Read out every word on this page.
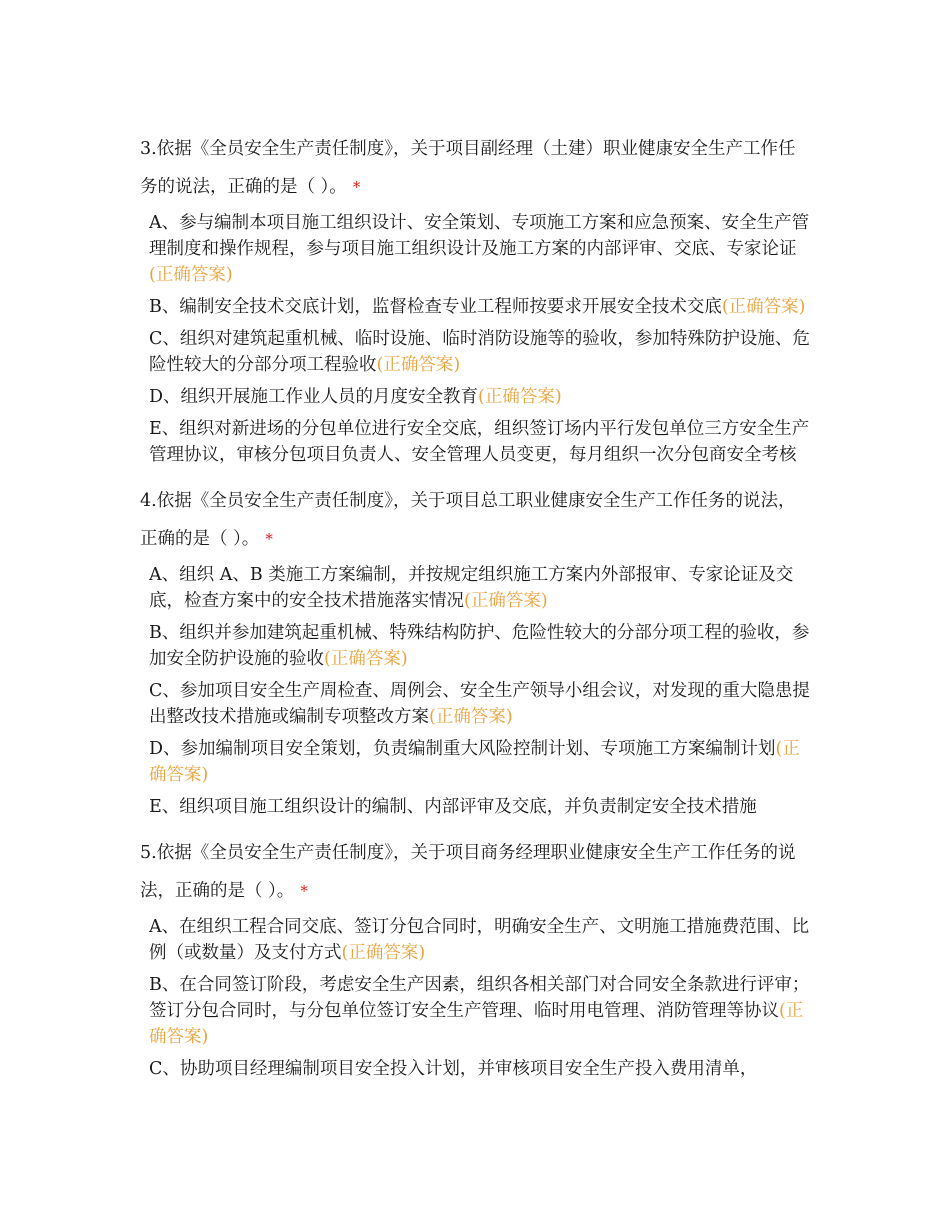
3.依据《全员安全生产责任制度》，关于项目副经理（土建）职业健康安全生产工作任务的说法，正确的是（ ）。 *

A、参与编制本项目施工组织设计、安全策划、专项施工方案和应急预案、安全生产管理制度和操作规程，参与项目施工组织设计及施工方案的内部评审、交底、专家论证(正确答案)

B、编制安全技术交底计划，监督检查专业工程师按要求开展安全技术交底(正确答案)

C、组织对建筑起重机械、临时设施、临时消防设施等的验收，参加特殊防护设施、危险性较大的分部分项工程验收(正确答案)

D、组织开展施工作业人员的月度安全教育(正确答案)

E、组织对新进场的分包单位进行安全交底，组织签订场内平行发包单位三方安全生产管理协议，审核分包项目负责人、安全管理人员变更，每月组织一次分包商安全考核

4.依据《全员安全生产责任制度》，关于项目总工职业健康安全生产工作任务的说法，正确的是（ ）。 *

A、组织 A、B 类施工方案编制，并按规定组织施工方案内外部报审、专家论证及交底，检查方案中的安全技术措施落实情况(正确答案)

B、组织并参加建筑起重机械、特殊结构防护、危险性较大的分部分项工程的验收，参加安全防护设施的验收(正确答案)

C、参加项目安全生产周检查、周例会、安全生产领导小组会议，对发现的重大隐患提出整改技术措施或编制专项整改方案(正确答案)

D、参加编制项目安全策划，负责编制重大风险控制计划、专项施工方案编制计划(正确答案)

E、组织项目施工组织设计的编制、内部评审及交底，并负责制定安全技术措施

5.依据《全员安全生产责任制度》，关于项目商务经理职业健康安全生产工作任务的说法，正确的是（ ）。 *

A、在组织工程合同交底、签订分包合同时，明确安全生产、文明施工措施费范围、比例（或数量）及支付方式(正确答案)

B、在合同签订阶段，考虑安全生产因素，组织各相关部门对合同安全条款进行评审；签订分包合同时，与分包单位签订安全生产管理、临时用电管理、消防管理等协议(正确答案)

C、协助项目经理编制项目安全投入计划，并审核项目安全生产投入费用清单，
